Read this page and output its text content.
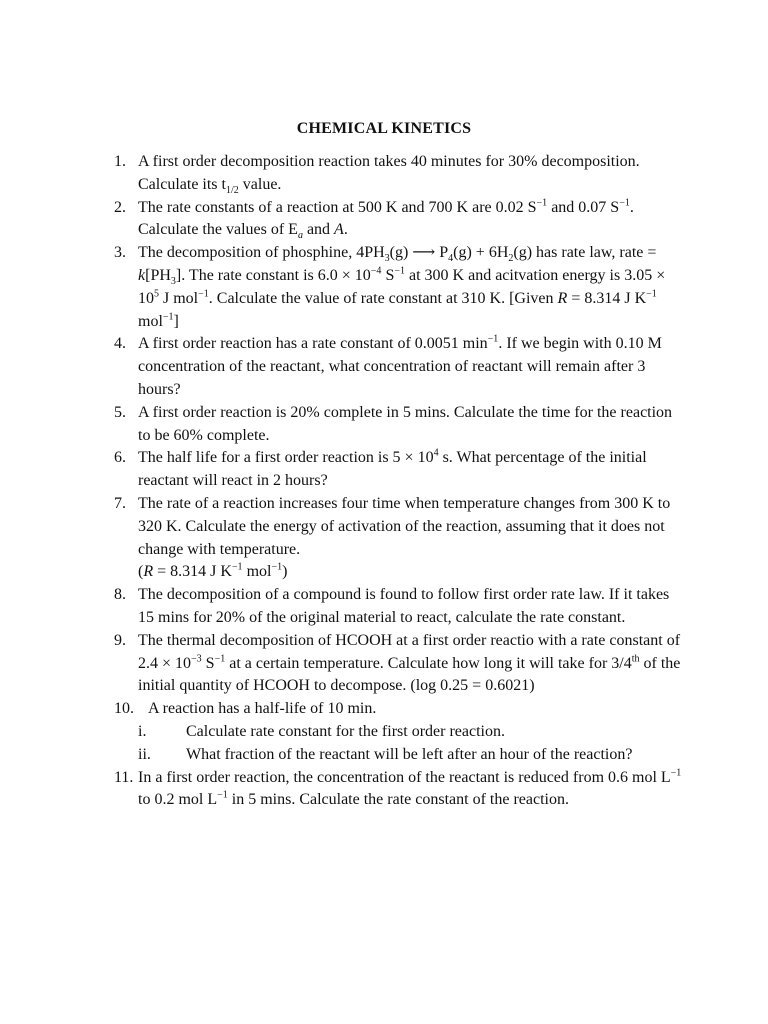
CHEMICAL KINETICS
1. A first order decomposition reaction takes 40 minutes for 30% decomposition. Calculate its $t_{1/2}$ value.
2. The rate constants of a reaction at 500 K and 700 K are 0.02 $S^{-1}$ and 0.07 $S^{-1}$. Calculate the values of $E_a$ and A.
3. The decomposition of phosphine, $4PH_3(g)$ ⟶ $P_4(g) + 6H_2(g)$ has rate law, rate = $k[PH_3]$. The rate constant is $6.0 \times 10^{-4}$ $S^{-1}$ at 300 K and acitvation energy is $3.05 \times 10^5$ J mol$^{-1}$. Calculate the value of rate constant at 310 K. [Given R = 8.314 J $K^{-1}$ mol$^{-1}$]
4. A first order reaction has a rate constant of 0.0051 $\min^{-1}$. If we begin with 0.10 M concentration of the reactant, what concentration of reactant will remain after 3 hours?
5. A first order reaction is 20% complete in 5 mins. Calculate the time for the reaction to be 60% complete.
6. The half life for a first order reaction is $5 \times 10^4$ s. What percentage of the initial reactant will react in 2 hours?
7. The rate of a reaction increases four time when temperature changes from 300 K to 320 K. Calculate the energy of activation of the reaction, assuming that it does not change with temperature.
(R = 8.314 J $K^{-1}$ mol$^{-1}$)
8. The decomposition of a compound is found to follow first order rate law. If it takes 15 mins for 20% of the original material to react, calculate the rate constant.
9. The thermal decomposition of HCOOH at a first order reactio with a rate constant of $2.4 \times 10^{-3}$ $S^{-1}$ at a certain temperature. Calculate how long it will take for 3/4th of the initial quantity of HCOOH to decompose. (log 0.25 = 0.6021)
10. A reaction has a half-life of 10 min.
i. Calculate rate constant for the first order reaction.
ii. What fraction of the reactant will be left after an hour of the reaction?
11. In a first order reaction, the concentration of the reactant is reduced from 0.6 mol $L^{-1}$ to 0.2 mol $L^{-1}$ in 5 mins. Calculate the rate constant of the reaction.
